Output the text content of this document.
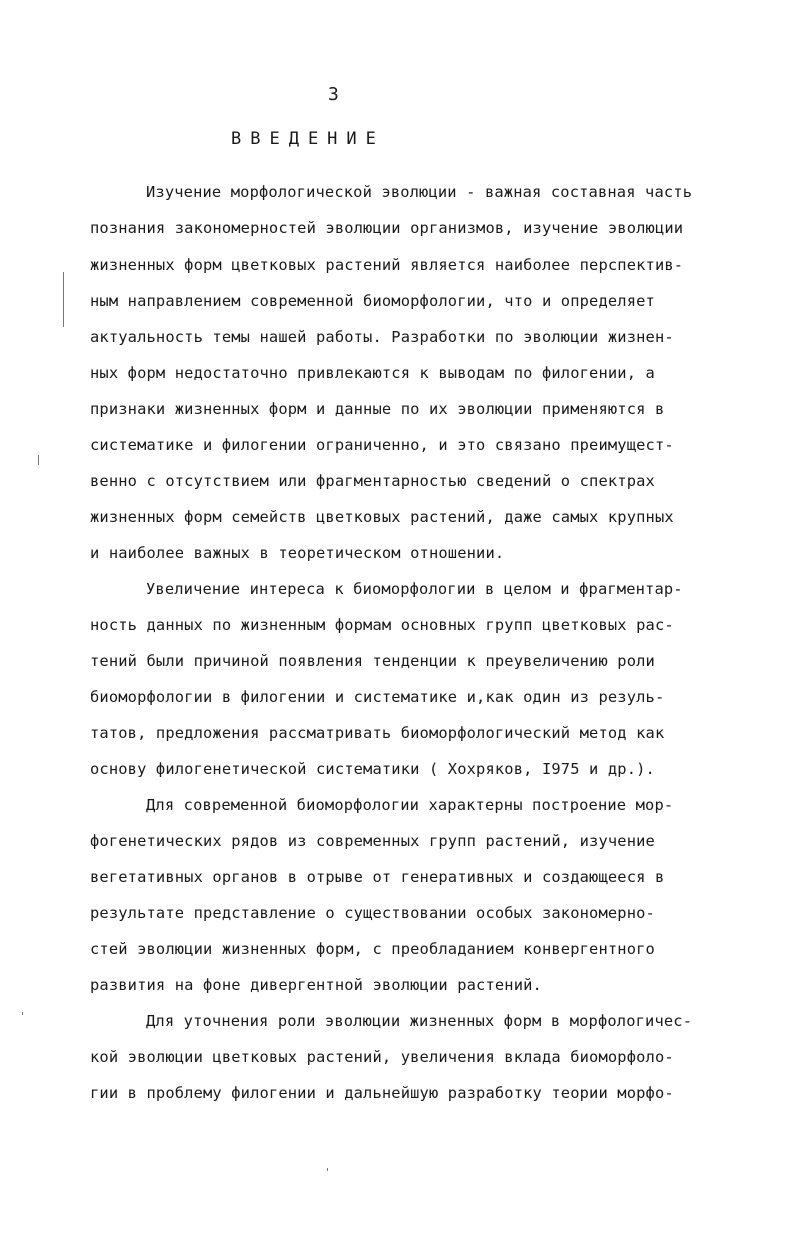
3
ВВЕДЕНИЕ
Изучение морфологической эволюции - важная составная часть
познания закономерностей эволюции организмов, изучение эволюции
жизненных форм цветковых растений является наиболее перспектив-
ным направлением современной биоморфологии, что и определяет
актуальность темы нашей работы. Разработки по эволюции жизнен-
ных форм недостаточно привлекаются к выводам по филогении, а
признаки жизненных форм и данные по их эволюции применяются в
систематике и филогении ограниченно, и это связано преимущест-
венно с отсутствием или фрагментарностью сведений о спектрах
жизненных форм семейств цветковых растений, даже самых крупных
и наиболее важных в теоретическом отношении.
Увеличение интереса к биоморфологии в целом и фрагментар-
ность данных по жизненным формам основных групп цветковых рас-
тений были причиной появления тенденции к преувеличению роли
биоморфологии в филогении и систематике и,как один из резуль-
татов, предложения рассматривать биоморфологический метод как
основу филогенетической систематики ( Хохряков, I975 и др.).
Для современной биоморфологии характерны построение мор-
фогенетических рядов из современных групп растений, изучение
вегетативных органов в отрыве от генеративных и создающееся в
результате представление о существовании особых закономерно-
стей эволюции жизненных форм, с преобладанием конвергентного
развития на фоне дивергентной эволюции растений.
Для уточнения роли эволюции жизненных форм в морфологичес-
кой эволюции цветковых растений, увеличения вклада биоморфоло-
гии в проблему филогении и дальнейшую разработку теории морфо-
